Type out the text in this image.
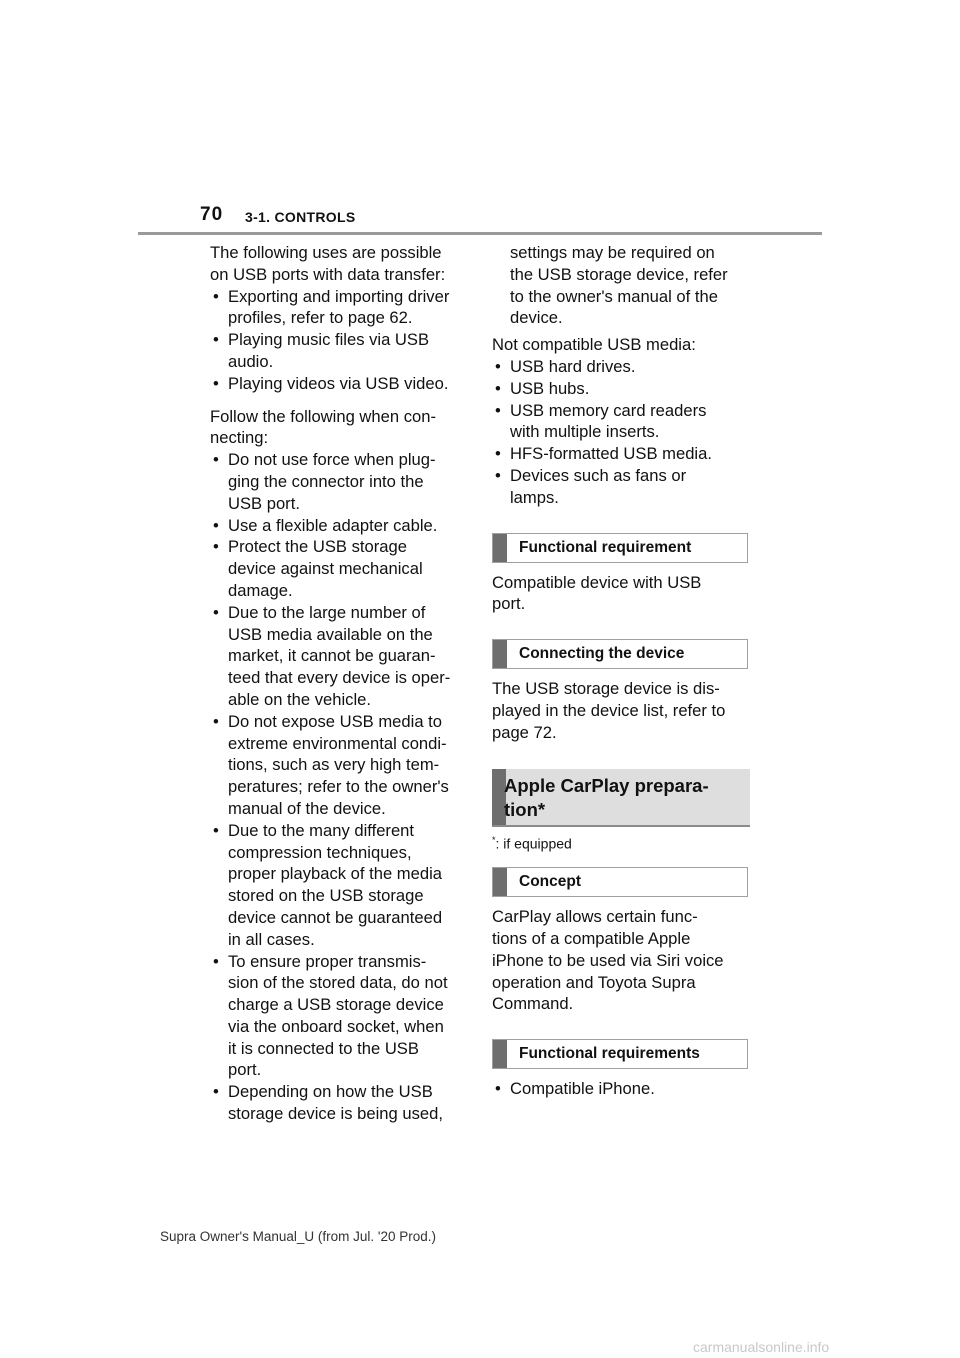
70 3-1. CONTROLS

The following uses are possible

on USB ports with data transfer:

• Exporting and importing driver
profiles, refer to page 62.
• Playing music files via USB
audio.
• Playing videos via USB video.

Follow the following when con-

necting:

• Do not use force when plug-
ging the connector into the
USB port.
• Use a flexible adapter cable.
• Protect the USB storage
device against mechanical
damage.
• Due to the large number of
USB media available on the
market, it cannot be guaran-
teed that every device is oper-
able on the vehicle.
• Do not expose USB media to
extreme environmental condi-
tions, such as very high tem-
peratures; refer to the owner's
manual of the device.
• Due to the many different
compression techniques,
proper playback of the media
stored on the USB storage
device cannot be guaranteed
in all cases.
• To ensure proper transmis-
sion of the stored data, do not
charge a USB storage device
via the onboard socket, when
it is connected to the USB
port.
• Depending on how the USB
storage device is being used,
settings may be required on
the USB storage device, refer
to the owner's manual of the
device.

Not compatible USB media:

• USB hard drives.
• USB hubs.
• USB memory card readers
with multiple inserts.
• HFS-formatted USB media.
• Devices such as fans or
lamps.
Functional requirement

Compatible device with USB

port.

Connecting the device

The USB storage device is dis-

played in the device list, refer to

page 72.

Apple CarPlay prepara-
tion*

*: if equipped

Concept

CarPlay allows certain func-

tions of a compatible Apple

iPhone to be used via Siri voice

operation and Toyota Supra

Command.

Functional requirements
• Compatible iPhone.
Supra Owner's Manual_U (from Jul. '20 Prod.)
carmanualsonline.info
